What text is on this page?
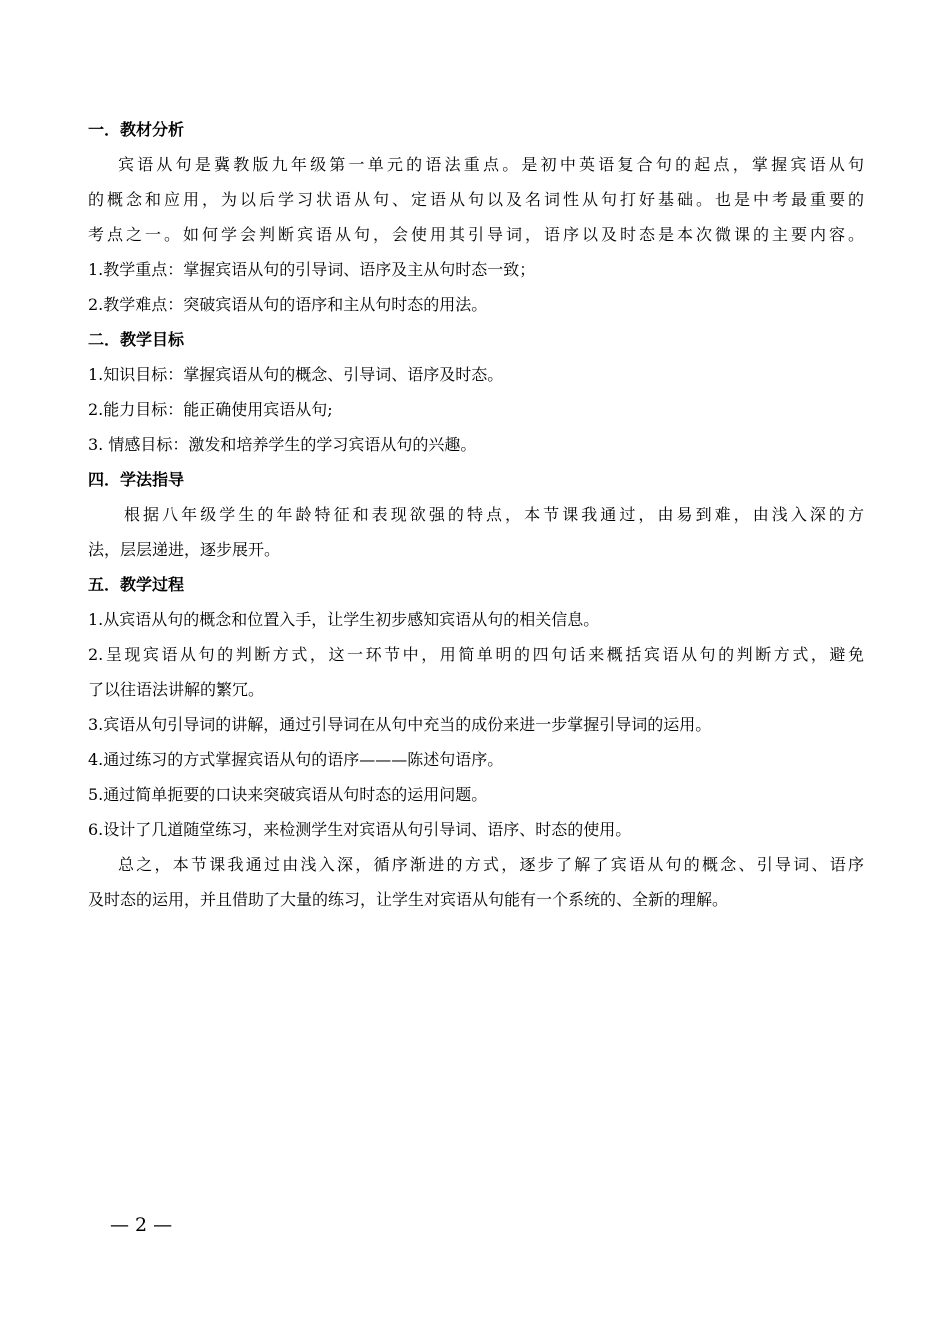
一．教材分析
宾语从句是冀教版九年级第一单元的语法重点。是初中英语复合句的起点，掌握宾语从句
的概念和应用，为以后学习状语从句、定语从句以及名词性从句打好基础。也是中考最重要的
考点之一。如何学会判断宾语从句，会使用其引导词，语序以及时态是本次微课的主要内容。
1.教学重点：掌握宾语从句的引导词、语序及主从句时态一致；
2.教学难点：突破宾语从句的语序和主从句时态的用法。
二．教学目标
1.知识目标：掌握宾语从句的概念、引导词、语序及时态。
2.能力目标：能正确使用宾语从句;
3. 情感目标：激发和培养学生的学习宾语从句的兴趣。
四．学法指导
根据八年级学生的年龄特征和表现欲强的特点，本节课我通过，由易到难，由浅入深的方
法，层层递进，逐步展开。
五．教学过程
1.从宾语从句的概念和位置入手，让学生初步感知宾语从句的相关信息。
2.呈现宾语从句的判断方式，这一环节中，用简单明的四句话来概括宾语从句的判断方式，避免
了以往语法讲解的繁冗。
3.宾语从句引导词的讲解，通过引导词在从句中充当的成份来进一步掌握引导词的运用。
4.通过练习的方式掌握宾语从句的语序———陈述句语序。
5.通过简单扼要的口诀来突破宾语从句时态的运用问题。
6.设计了几道随堂练习，来检测学生对宾语从句引导词、语序、时态的使用。
总之，本节课我通过由浅入深，循序渐进的方式，逐步了解了宾语从句的概念、引导词、语序
及时态的运用，并且借助了大量的练习，让学生对宾语从句能有一个系统的、全新的理解。
— 2 —
